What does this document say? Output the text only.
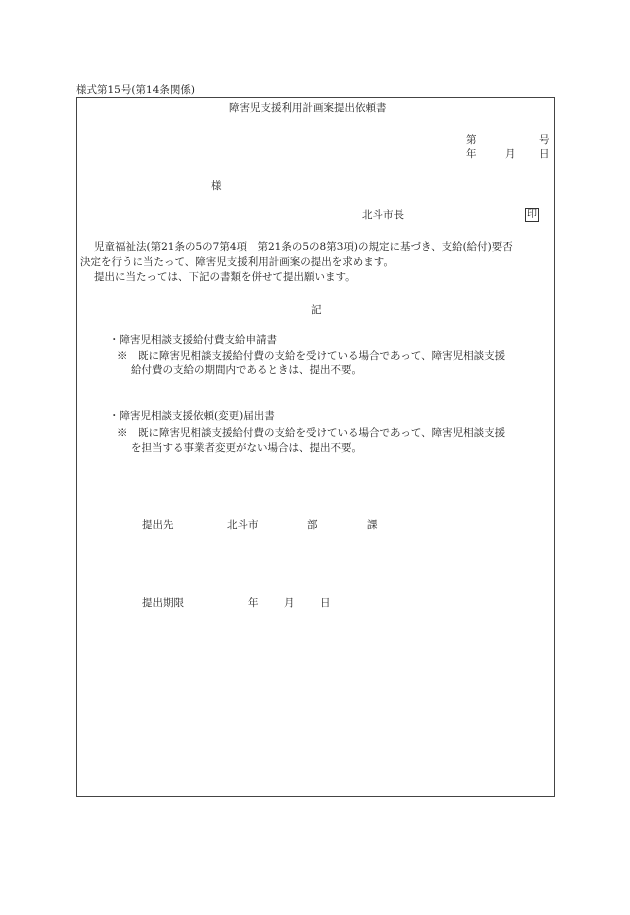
様式第15号(第14条関係)
障害児支援利用計画案提出依頼書
第	号
年	月 日
様
北斗市長	印
児童福祉法(第21条の5の7第4項　第21条の5の8第3項)の規定に基づき、支給(給付)要否
決定を行うに当たって、障害児支援利用計画案の提出を求めます。
提出に当たっては、下記の書類を併せて提出願います。
記
・障害児相談支援給付費支給申請書
※　既に障害児相談支援給付費の支給を受けている場合であって、障害児相談支援
給付費の支給の期間内であるときは、提出不要。
・障害児相談支援依頼(変更)届出書
※　既に障害児相談支援給付費の支給を受けている場合であって、障害児相談支援
を担当する事業者変更がない場合は、提出不要。
提出先	北斗市	部	課
提出期限	年 月 日
